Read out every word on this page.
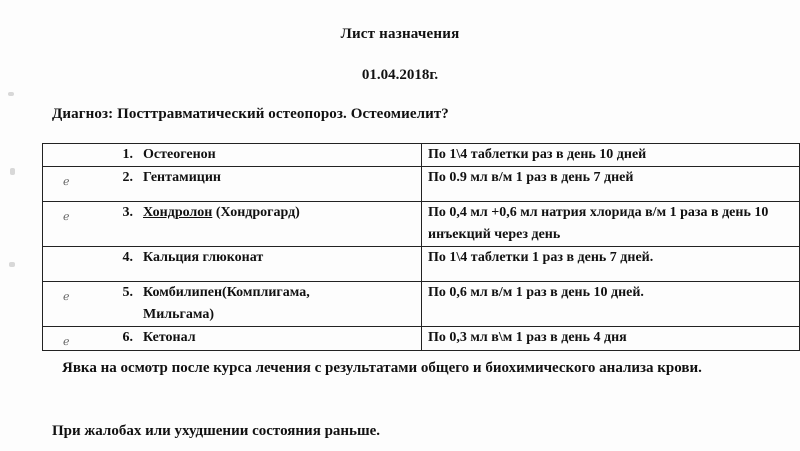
Лист назначения
01.04.2018г.
Диагноз: Посттравматический остеопороз. Остеомиелит?
1. Остеогенон	По 1\4 таблетки раз в день 10 дней

ℯ 2. Гентамицин	По 0.9 мл в/м 1 раз в день 7 дней

ℯ 3. Хондролон (Хондрогард)	По 0,4 мл +0,6 мл натрия хлорида в/м 1 раза в день 10 инъекций через день
4. Кальция глюконат	По 1\4 таблетки 1 раз в день 7 дней.

ℯ 5. Комбилипен(Комплигама, Мильгама)	По 0,6 мл в/м 1 раз в день 10 дней.

ℯ 6. Кетонал	По 0,3 мл в\м 1 раз в день 4 дня
Явка на осмотр после курса лечения с результатами общего и биохимического анализа крови.
При жалобах или ухудшении состояния раньше.
